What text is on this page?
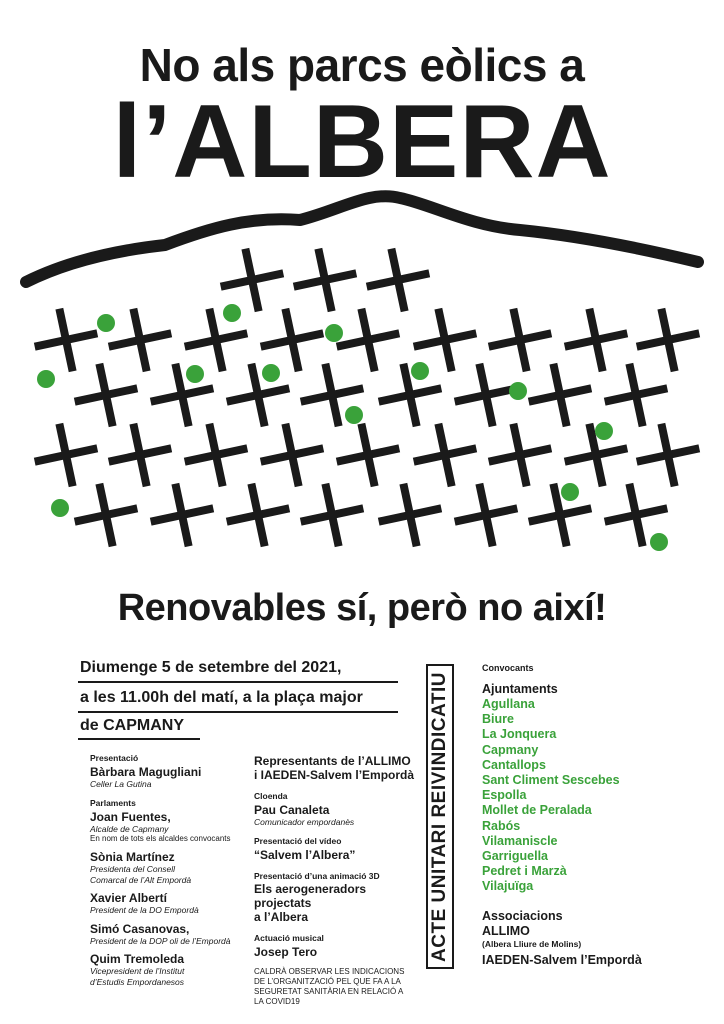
No als parcs eòlics a
l’ALBERA
Renovables sí, però no així!
Diumenge 5 de setembre del 2021,
a les 11.00h del matí, a la plaça major
de CAPMANY
Presentació
Bàrbara Magugliani
Celler La Gutina
Parlaments
Joan Fuentes,
Alcalde de Capmany
En nom de tots els alcaldes convocants
Sònia Martínez
Presidenta del Consell
Comarcal de l’Alt Empordà
Xavier Albertí
President de la DO Empordà
Simó Casanovas,
President de la DOP oli de l’Empordà
Quim Tremoleda
Vicepresident de l’Institut
d’Estudis Empordanesos
Representants de l’ALLIMO
i IAEDEN-Salvem l’Empordà
Cloenda
Pau Canaleta
Comunicador empordanès
Presentació del vídeo
“Salvem l’Albera”
Presentació d’una animació 3D
Els aerogeneradors projectats
a l’Albera
Actuació musical
Josep Tero
CALDRÀ OBSERVAR LES INDICACIONS
DE L’ORGANITZACIÓ PEL QUE FA A LA
SEGURETAT SANITÀRIA EN RELACIÓ A
LA COVID19
ACTE UNITARI REIVINDICATIU
Convocants
Ajuntaments
Agullana
Biure
La Jonquera
Capmany
Cantallops
Sant Climent Sescebes
Espolla
Mollet de Peralada
Rabós
Vilamaniscle
Garriguella
Pedret i Marzà
Vilajuïga
Associacions
ALLIMO
(Albera Lliure de Molins)
IAEDEN-Salvem l’Empordà
